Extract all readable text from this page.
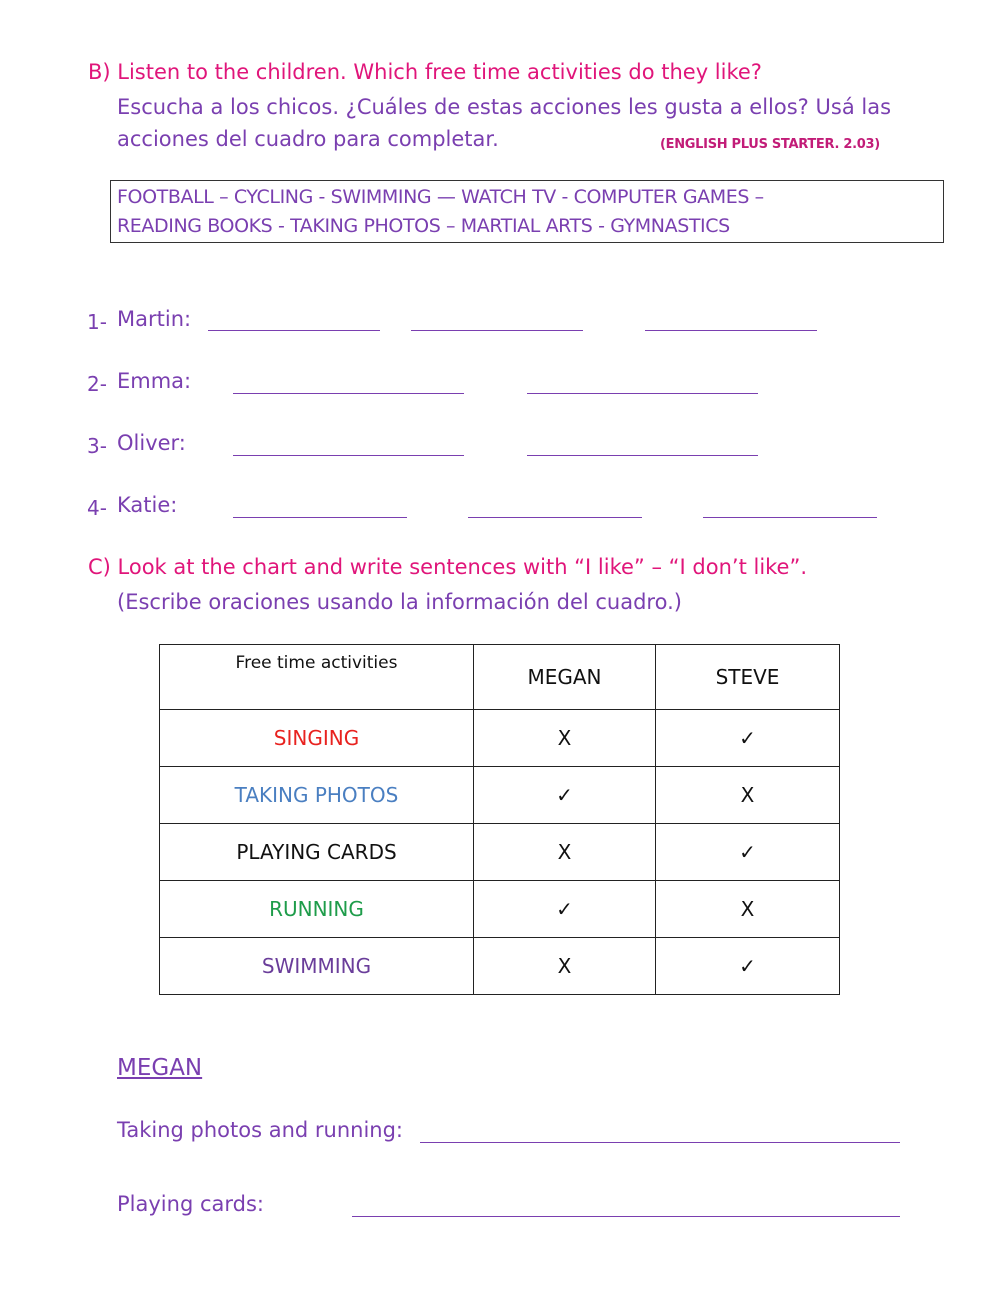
B) Listen to the children. Which free time activities do they like?
Escucha a los chicos. ¿Cuáles de estas acciones les gusta a ellos? Usá las
acciones del cuadro para completar.	(ENGLISH PLUS STARTER. 2.03)
FOOTBALL – CYCLING - SWIMMING — WATCH TV - COMPUTER GAMES –
READING BOOKS - TAKING PHOTOS – MARTIAL ARTS - GYMNASTICS
1- Martin:
2- Emma:
3- Oliver:
4- Katie:
C) Look at the chart and write sentences with “I like” – “I don’t like”.
(Escribe oraciones usando la información del cuadro.)
Free time activities	MEGAN	STEVE
SINGING	X	✓
TAKING PHOTOS	✓	X
PLAYING CARDS	X	✓
RUNNING	✓	X
SWIMMING	X	✓
MEGAN
Taking photos and running:
Playing cards:
